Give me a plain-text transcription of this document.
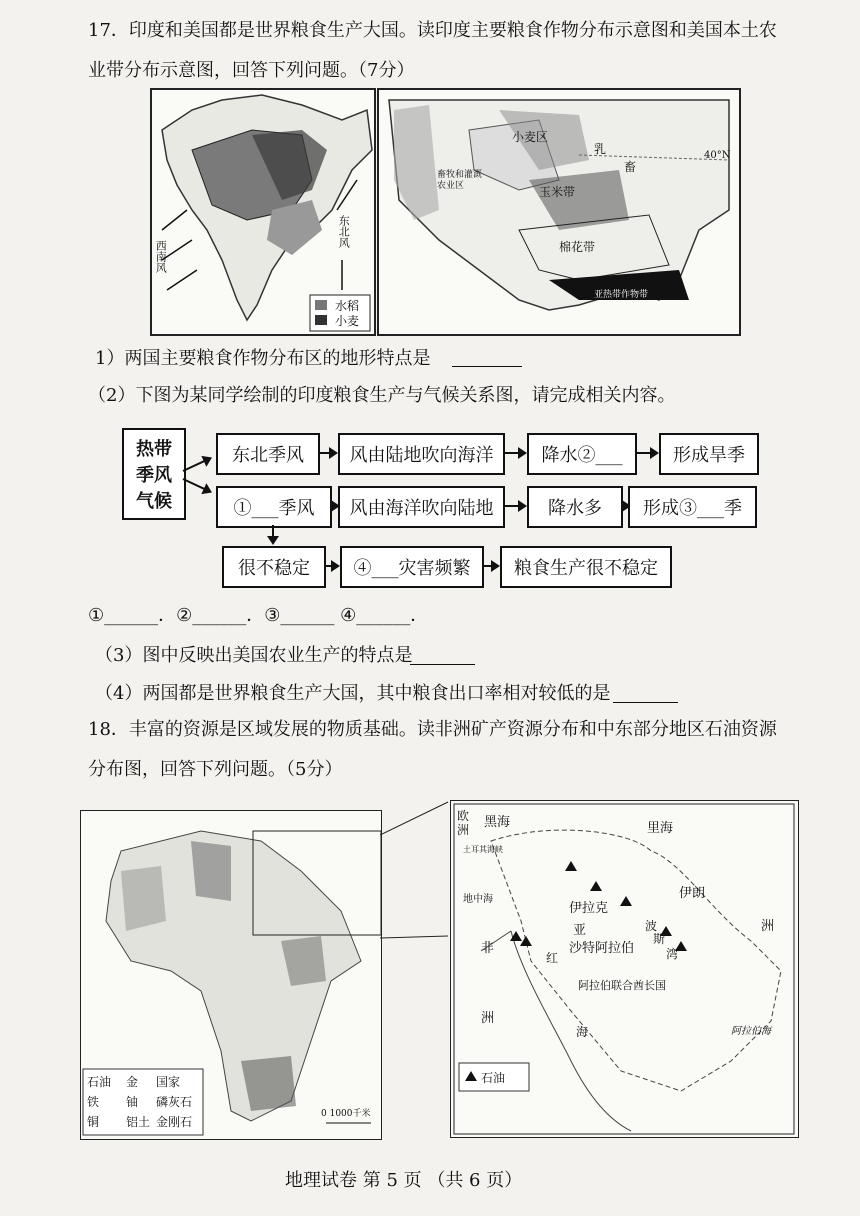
17．印度和美国都是世界粮食生产大国。读印度主要粮食作物分布示意图和美国本土农
业带分布示意图，回答下列问题。（7分）
水稻
小麦
东北风
西南风
小麦区
乳
畜
玉米带
棉花带
畜牧和灌溉农业区
亚热带作物带
40°N
1）两国主要粮食作物分布区的地形特点是
（2）下图为某同学绘制的印度粮食生产与气候关系图，请完成相关内容。
热带
季风
气候
东北季风	风由陆地吹向海洋	降水②___	形成旱季
①___季风	风由海洋吹向陆地	降水多	形成③___季
很不稳定	④___灾害频繁	粮食生产很不稳定
①______．②______．③______ ④______．
（3）图中反映出美国农业生产的特点是
（4）两国都是世界粮食生产大国，其中粮食出口率相对较低的是
18．丰富的资源是区域发展的物质基础。读非洲矿产资源分布和中东部分地区石油资源
分布图，回答下列问题。（5分）
石油 金 国家
铁 铀 磷灰石
铜 铝土 金刚石
0 1000千米
欧洲
黑海	里海
土耳其海峡
地中海	伊朗
伊拉克
亚	洲
沙特阿拉伯
阿拉伯联合酋长国
非
洲
红
海
波
斯
湾
阿拉伯海
石油
地理试卷 第 5 页 （共 6 页）
